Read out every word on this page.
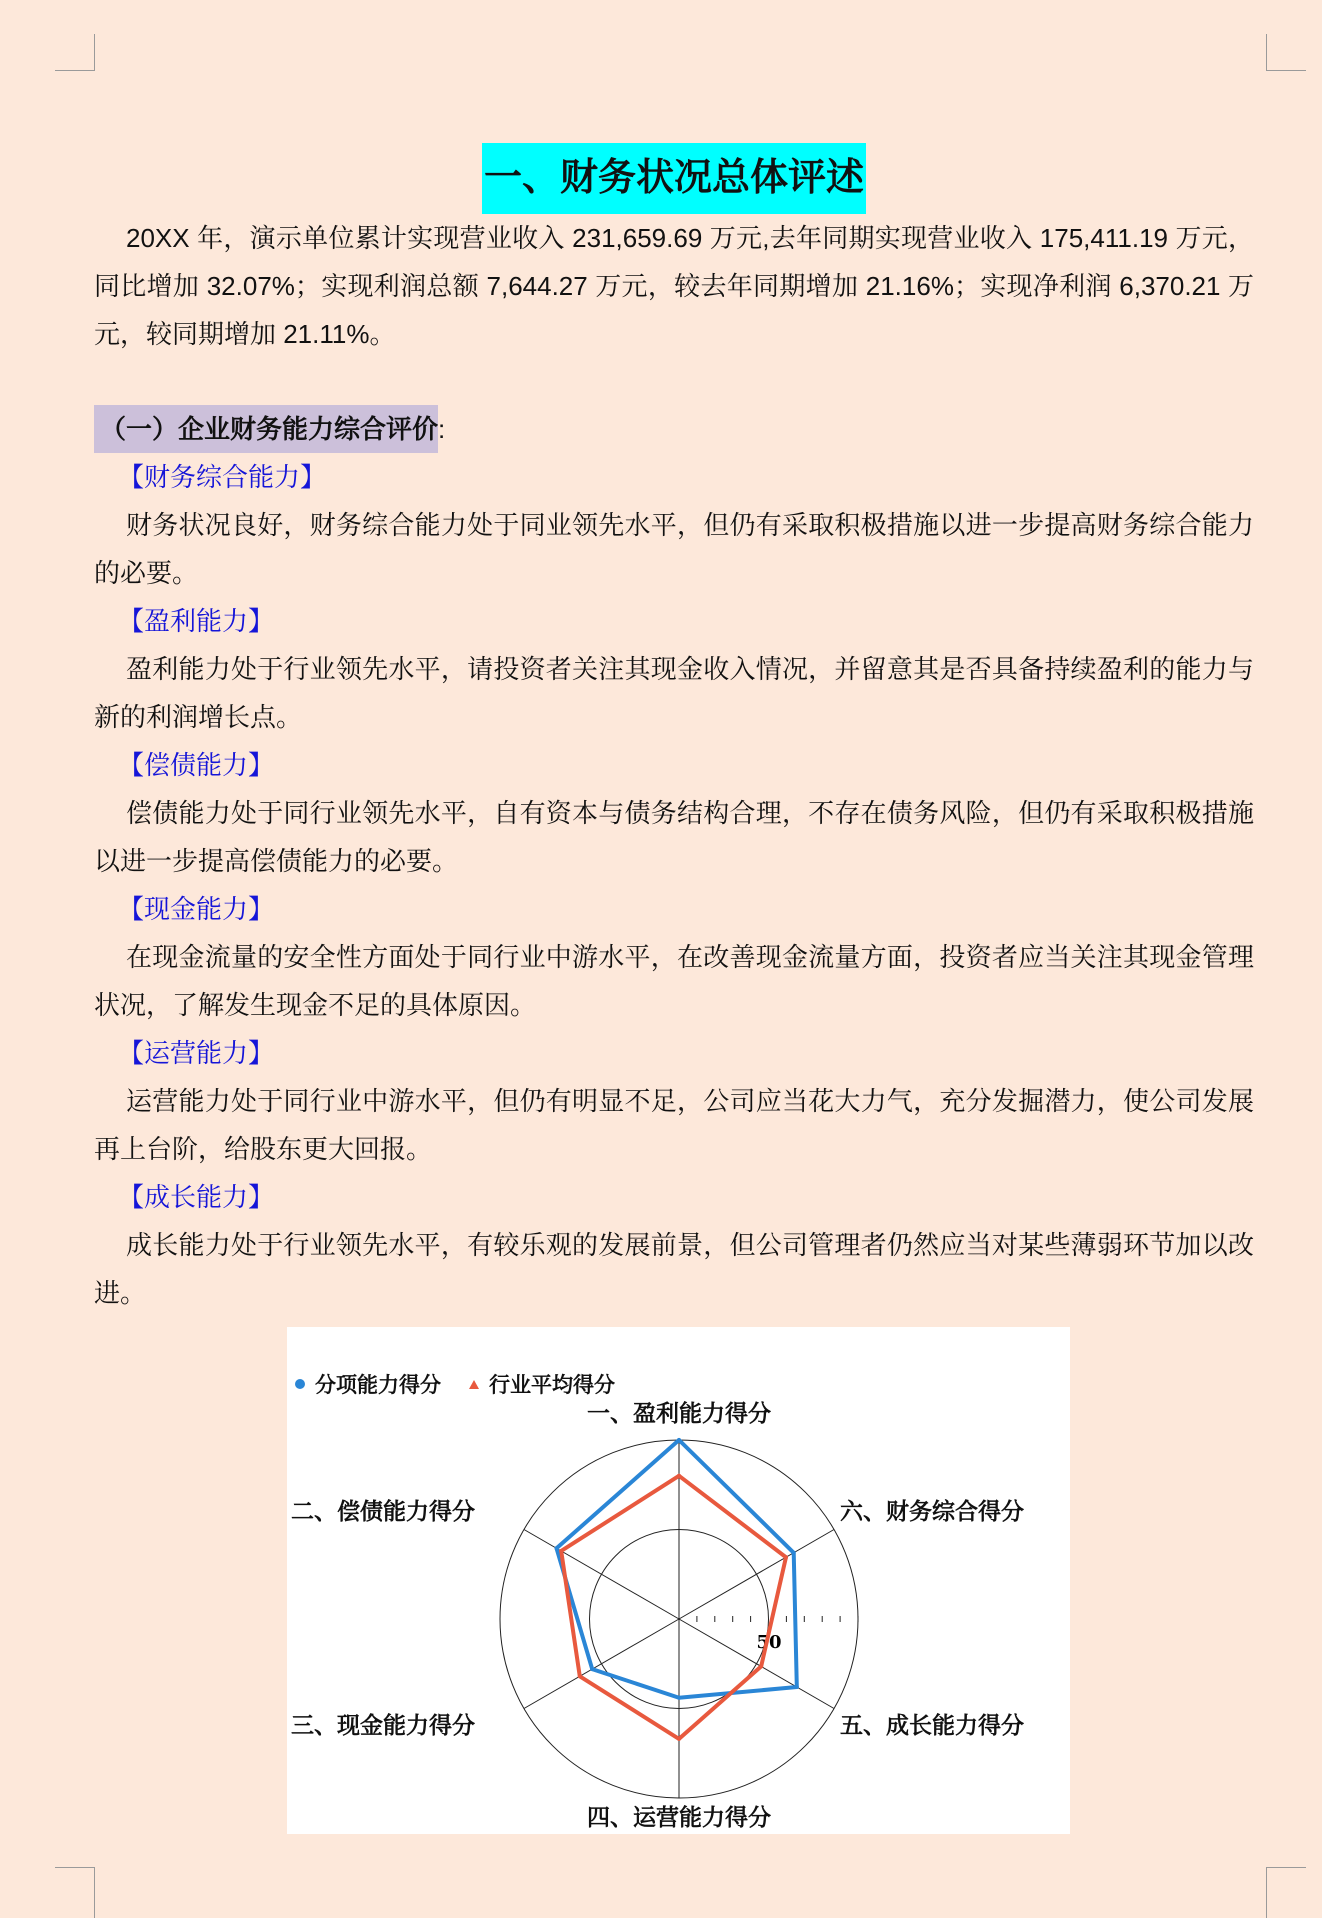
一、财务状况总体评述

20XX 年，演示单位累计实现营业收入 231,659.69 万元,去年同期实现营业收入 175,411.19 万元，同比增加 32.07%；实现利润总额 7,644.27 万元，较去年同期增加 21.16%；实现净利润 6,370.21 万元，较同期增加 21.11%。

（一）企业财务能力综合评价:
【财务综合能力】

财务状况良好，财务综合能力处于同业领先水平，但仍有采取积极措施以进一步提高财务综合能力的必要。

【盈利能力】

盈利能力处于行业领先水平，请投资者关注其现金收入情况，并留意其是否具备持续盈利的能力与新的利润增长点。

【偿债能力】

偿债能力处于同行业领先水平，自有资本与债务结构合理，不存在债务风险，但仍有采取积极措施以进一步提高偿债能力的必要。

【现金能力】

在现金流量的安全性方面处于同行业中游水平，在改善现金流量方面，投资者应当关注其现金管理状况，了解发生现金不足的具体原因。

【运营能力】

运营能力处于同行业中游水平，但仍有明显不足，公司应当花大力气，充分发掘潜力，使公司发展再上台阶，给股东更大回报。

【成长能力】

成长能力处于行业领先水平，有较乐观的发展前景，但公司管理者仍然应当对某些薄弱环节加以改进。

50
分项能力得分 行业平均得分
一、盈利能力得分
二、偿债能力得分
三、现金能力得分
四、运营能力得分
五、成长能力得分
六、财务综合得分
